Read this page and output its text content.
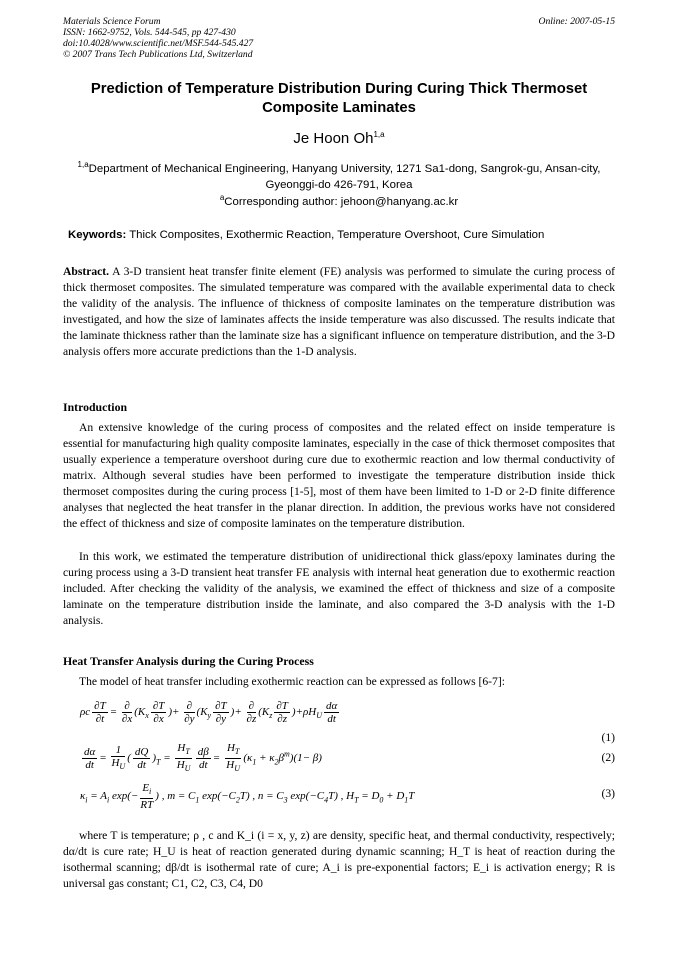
Materials Science Forum
ISSN: 1662-9752, Vols. 544-545, pp 427-430
doi:10.4028/www.scientific.net/MSF.544-545.427
© 2007 Trans Tech Publications Ltd, Switzerland
Online: 2007-05-15
Prediction of Temperature Distribution During Curing Thick Thermoset Composite Laminates
Je Hoon Oh$^{1,a}$
$^{1,a}$Department of Mechanical Engineering, Hanyang University, 1271 Sa1-dong, Sangrok-gu, Ansan-city, Gyeonggi-do 426-791, Korea
$^a$Corresponding author: jehoon@hanyang.ac.kr
Keywords: Thick Composites, Exothermic Reaction, Temperature Overshoot, Cure Simulation
Abstract. A 3-D transient heat transfer finite element (FE) analysis was performed to simulate the curing process of thick thermoset composites. The simulated temperature was compared with the available experimental data to check the validity of the analysis. The influence of thickness of composite laminates on the temperature distribution was investigated, and how the size of laminates affects the inside temperature was also discussed. The results indicate that the laminate thickness rather than the laminate size has a significant influence on temperature distribution, and the 3-D analysis offers more accurate predictions than the 1-D analysis.
Introduction
An extensive knowledge of the curing process of composites and the related effect on inside temperature is essential for manufacturing high quality composite laminates, especially in the case of thick thermoset composites that usually experience a temperature overshoot during cure due to exothermic reaction and low thermal conductivity of matrix. Although several studies have been performed to investigate the temperature distribution inside thick thermoset composites during the curing process [1-5], most of them have been limited to 1-D or 2-D finite difference analyses that neglected the heat transfer in the planar direction. In addition, the previous works have not considered the effect of thickness and size of composite laminates on the temperature distribution.
In this work, we estimated the temperature distribution of unidirectional thick glass/epoxy laminates during the curing process using a 3-D transient heat transfer FE analysis with internal heat generation due to exothermic reaction included. After checking the validity of the analysis, we examined the effect of thickness and size of a composite laminate on the temperature distribution inside the laminate, and also compared the 3-D analysis with the 1-D analysis.
Heat Transfer Analysis during the Curing Process
The model of heat transfer including exothermic reaction can be expressed as follows [6-7]:
ρc $\frac{\partial T}{\partial t} = \frac{\partial}{\partial x} (K_x \frac{\partial T}{\partial x}$ )+ $\frac{\partial}{\partial y} (K_y \frac{\partial T}{\partial y}$ )+ $\frac{\partial}{\partial z} (K_z \frac{\partial T}{\partial z} )+\rho H_U \frac{d\alpha}{dt}$
(1)
$\frac{d\alpha}{dt} = \frac{1}{H_U}$ ( $\frac{dQ}{dt} )_T = \frac{H_T}{H_U} \frac{d\beta}{dt} = \frac{H_T}{H_U} (\kappa_1 + \kappa_2\beta^m)(1- \beta)$	(2)
$\kappa_i = A_i$ $\exp(- \frac{E_i}{RT}$ ) , $m = C_1$ $\exp(-C_2T)$ , $n = C_3$ $\exp(-C_4T)$ , $H_T = D_0 + D_1T$	(3)
where T is temperature; ρ , c and K_i (i = x, y, z) are density, specific heat, and thermal conductivity, respectively; dα/dt is cure rate; H_U is heat of reaction generated during dynamic scanning; H_T is heat of reaction during the isothermal scanning; dβ/dt is isothermal rate of cure; A_i is pre-exponential factors; E_i is activation energy; R is universal gas constant; C1, C2, C3, C4, D0
